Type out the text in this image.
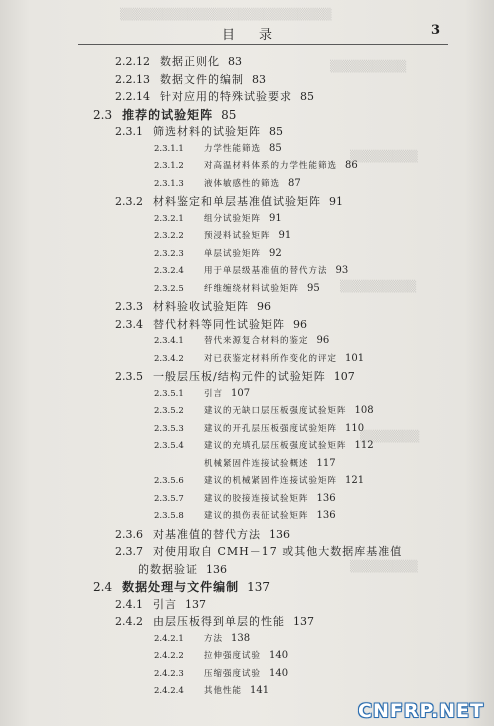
▒▒▒▒▒▒▒▒▒▒▒▒▒▒▒▒▒▒▒▒▒▒▒▒▒
▒▒▒▒▒▒▒▒▒
▒▒▒▒▒▒▒▒
▒▒▒▒▒▒▒▒▒
▒▒▒▒▒▒▒
▒▒▒▒▒▒▒▒
目 录	3
2.2.12 数据正则化 83
2.2.13 数据文件的编制 83
2.2.14 针对应用的特殊试验要求 85
2.3 推荐的试验矩阵 85
2.3.1 筛选材料的试验矩阵 85
2.3.1.1 力学性能筛选 85
2.3.1.2 对高温材料体系的力学性能筛选 86
2.3.1.3 液体敏感性的筛选 87
2.3.2 材料鉴定和单层基准值试验矩阵 91
2.3.2.1 组分试验矩阵 91
2.3.2.2 预浸料试验矩阵 91
2.3.2.3 单层试验矩阵 92
2.3.2.4 用于单层级基准值的替代方法 93
2.3.2.5 纤维缠绕材料试验矩阵 95
2.3.3 材料验收试验矩阵 96
2.3.4 替代材料等同性试验矩阵 96
2.3.4.1 替代来源复合材料的鉴定 96
2.3.4.2 对已获鉴定材料所作变化的评定 101
2.3.5 一般层压板/结构元件的试验矩阵 107
2.3.5.1 引言 107
2.3.5.2 建议的无缺口层压板强度试验矩阵 108
2.3.5.3 建议的开孔层压板强度试验矩阵 110
2.3.5.4 建议的充填孔层压板强度试验矩阵 112
机械紧固件连接试验概述 117
2.3.5.6 建议的机械紧固件连接试验矩阵 121
2.3.5.7 建议的胶接连接试验矩阵 136
2.3.5.8 建议的损伤表征试验矩阵 136
2.3.6 对基准值的替代方法 136
2.3.7 对使用取自 CMH－17 或其他大数据库基准值
的数据验证 136
2.4 数据处理与文件编制 137
2.4.1 引言 137
2.4.2 由层压板得到单层的性能 137
2.4.2.1 方法 138
2.4.2.2 拉伸强度试验 140
2.4.2.3 压缩强度试验 140
2.4.2.4 其他性能 141
CNFRP.NET
